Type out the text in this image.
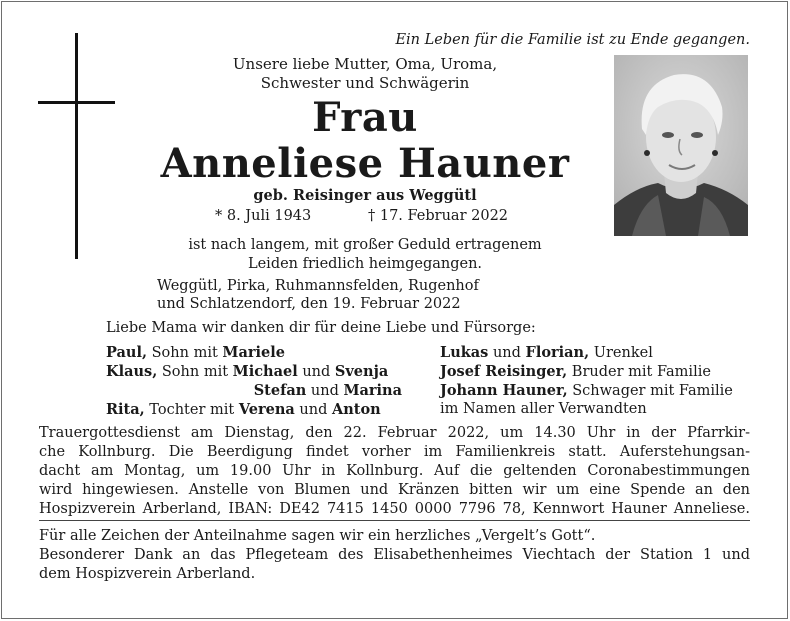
Ein Leben für die Familie ist zu Ende gegangen.
Unsere liebe Mutter, Oma, Uroma,
Schwester und Schwägerin
Frau
Anneliese Hauner
geb. Reisinger aus Weggütl
* 8. Juli 1943	† 17. Februar 2022
ist nach langem, mit großer Geduld ertragenem
Leiden friedlich heimgegangen.
Weggütl, Pirka, Ruhmannsfelden, Rugenhof
und Schlatzendorf, den 19. Februar 2022
Liebe Mama wir danken dir für deine Liebe und Fürsorge:
Paul, Sohn mit Mariele
Klaus, Sohn mit Michael und Svenja
Stefan und Marina
Rita, Tochter mit Verena und Anton
Lukas und Florian, Urenkel
Josef Reisinger, Bruder mit Familie
Johann Hauner, Schwager mit Familie
im Namen aller Verwandten
Trauergottesdienst am Dienstag, den 22. Februar 2022, um 14.30 Uhr in der Pfarrkir-
che Kollnburg. Die Beerdigung findet vorher im Familienkreis statt. Auferstehungsan-
dacht am Montag, um 19.00 Uhr in Kollnburg. Auf die geltenden Coronabestimmungen
wird hingewiesen. Anstelle von Blumen und Kränzen bitten wir um eine Spende an den
Hospizverein Arberland, IBAN: DE42 7415 1450 0000 7796 78, Kennwort Hauner Anneliese.
Für alle Zeichen der Anteilnahme sagen wir ein herzliches „Vergelt’s Gott“.
Besonderer Dank an das Pflegeteam des Elisabethenheimes Viechtach der Station 1 und
dem Hospizverein Arberland.
